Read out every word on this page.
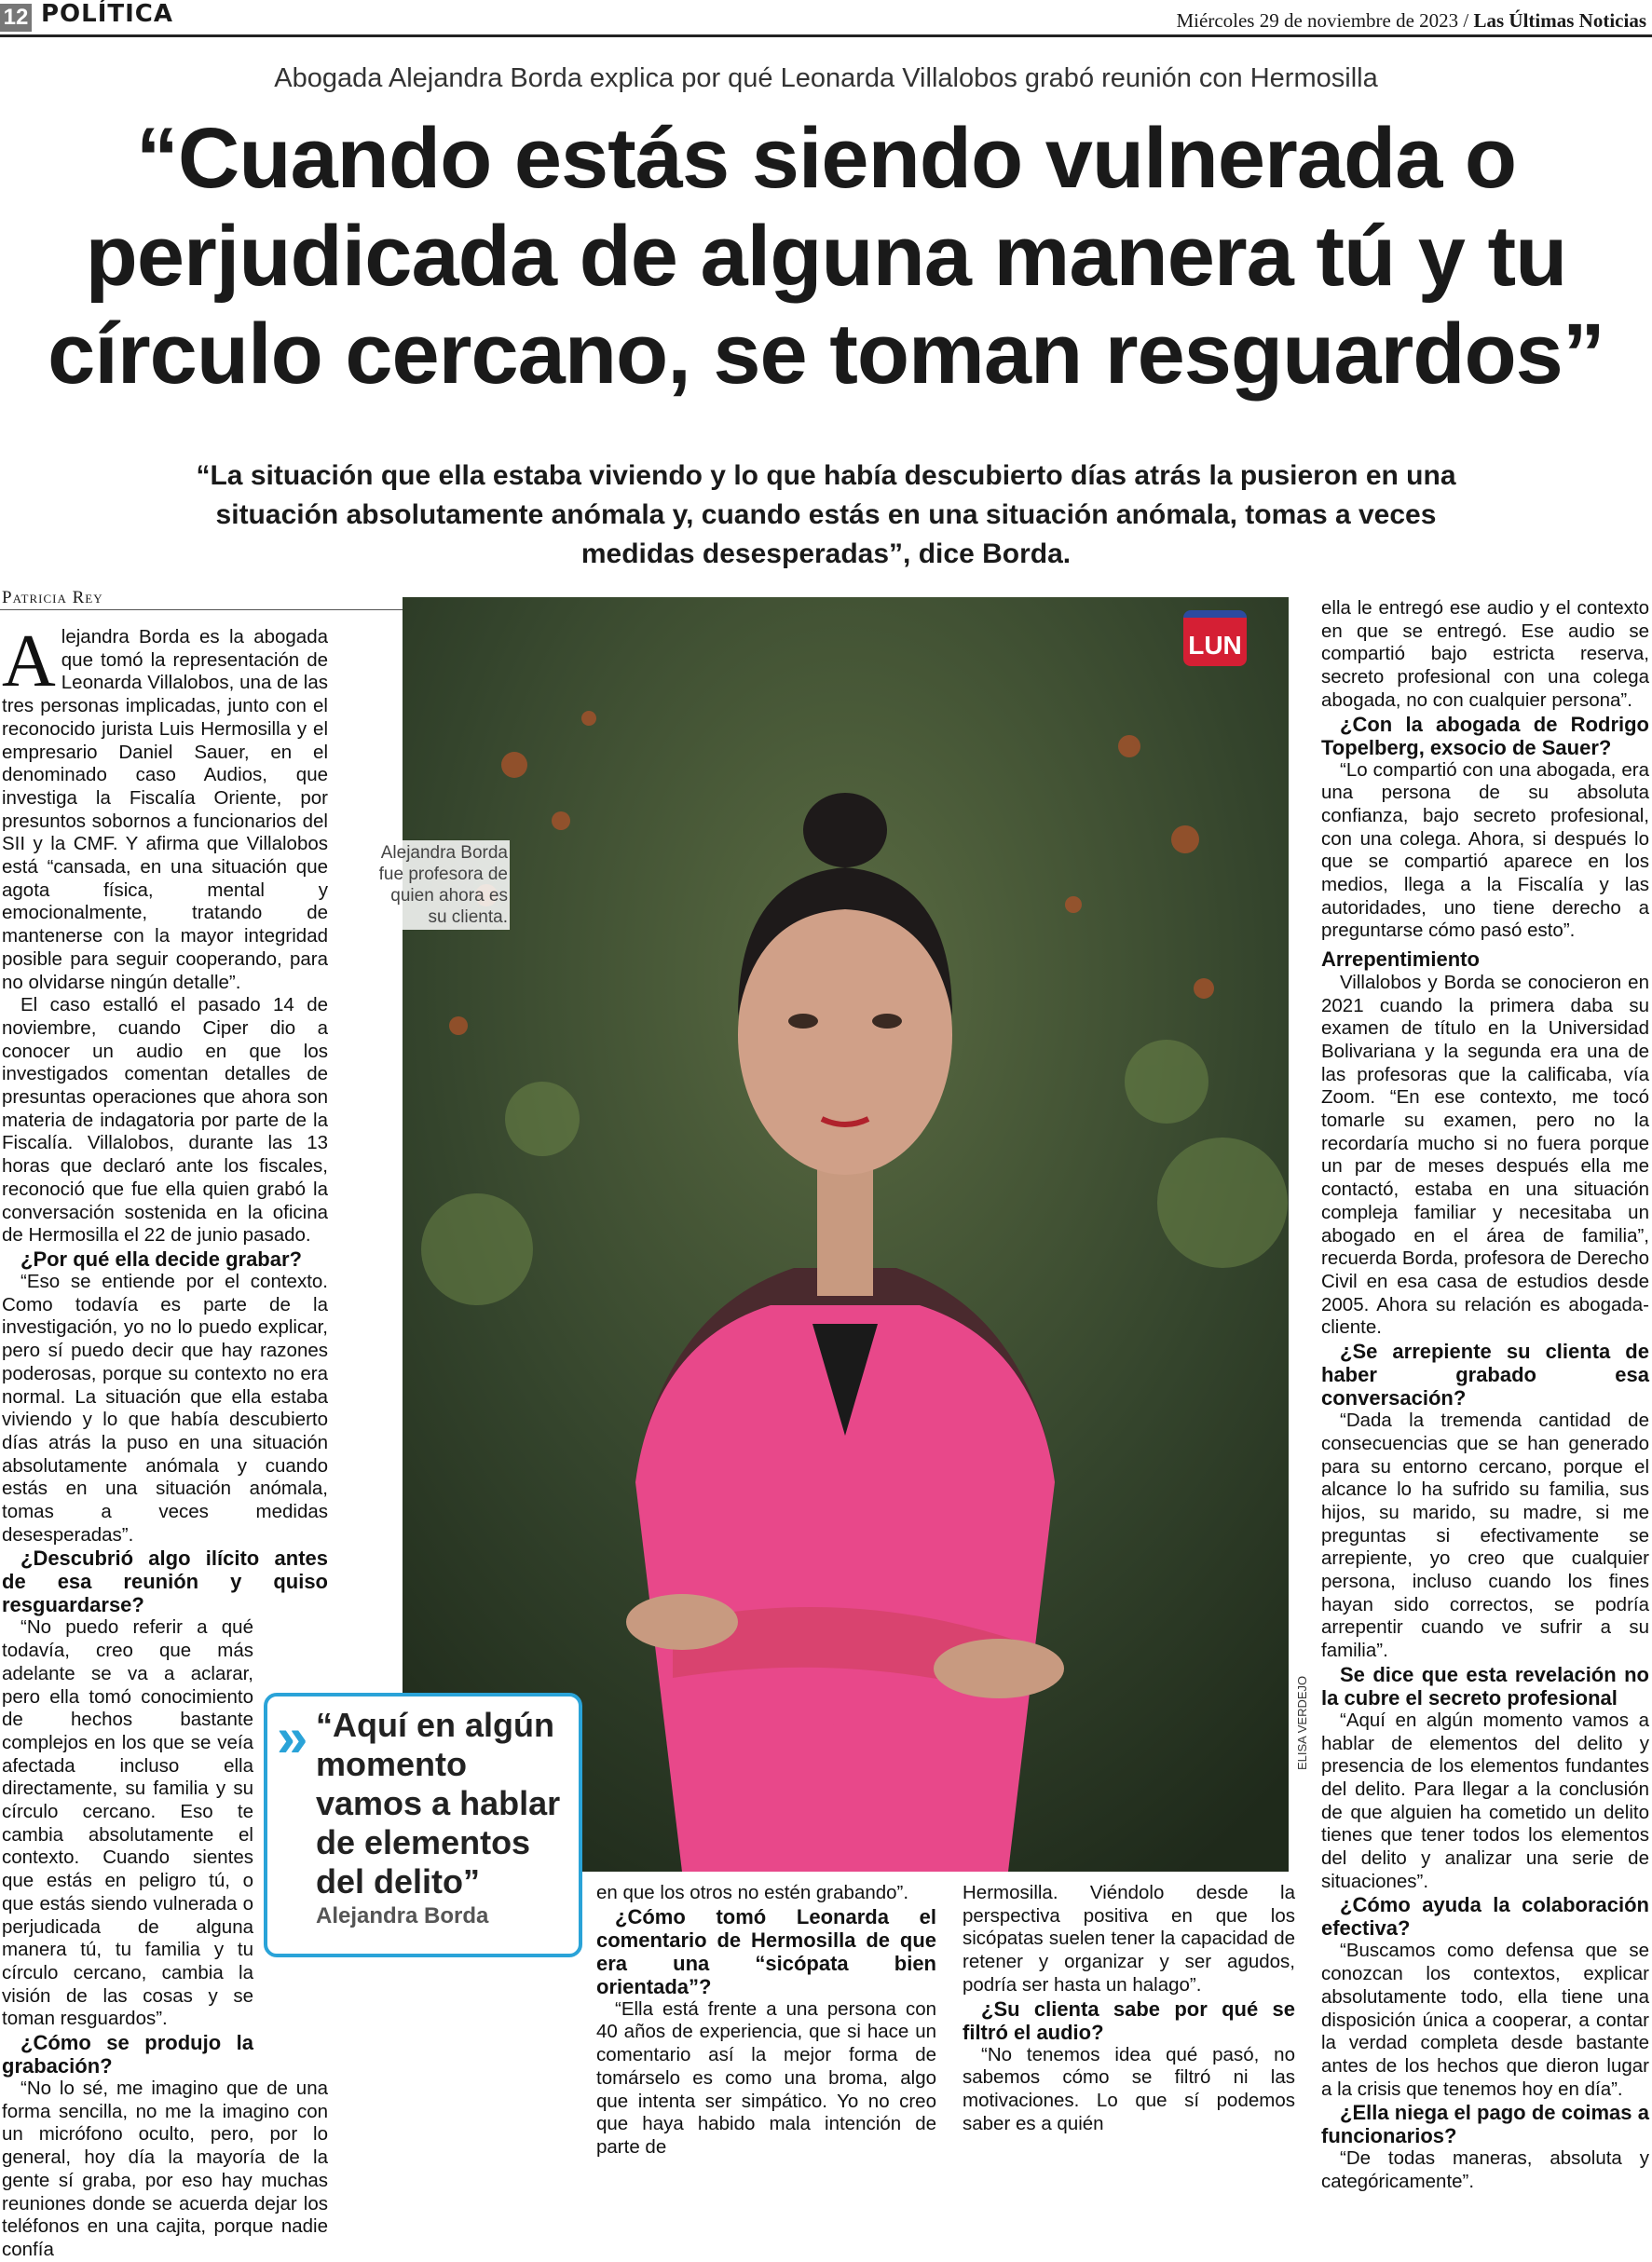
12 POLÍTICA	Miércoles 29 de noviembre de 2023 / Las Últimas Noticias
Abogada Alejandra Borda explica por qué Leonarda Villalobos grabó reunión con Hermosilla
“Cuando estás siendo vulnerada o perjudicada de alguna manera tú y tu círculo cercano, se toman resguardos”
“La situación que ella estaba viviendo y lo que había descubierto días atrás la pusieron en una situación absolutamente anómala y, cuando estás en una situación anómala, tomas a veces medidas desesperadas”, dice Borda.
Patricia Rey

Alejandra Borda es la abogada que tomó la representación de Leonarda Villalobos, una de las tres personas implicadas, junto con el reconocido jurista Luis Hermosilla y el empresario Daniel Sauer, en el denominado caso Audios, que investiga la Fiscalía Oriente, por presuntos sobornos a funcionarios del SII y la CMF. Y afirma que Villalobos está “cansada, en una situación que agota física, mental y emocionalmente, tratando de mantenerse con la mayor integridad posible para seguir cooperando, para no olvidarse ningún detalle”.

El caso estalló el pasado 14 de noviembre, cuando Ciper dio a conocer un audio en que los investigados comentan detalles de presuntas operaciones que ahora son materia de indagatoria por parte de la Fiscalía. Villalobos, durante las 13 horas que declaró ante los fiscales, reconoció que fue ella quien grabó la conversación sostenida en la oficina de Hermosilla el 22 de junio pasado.

¿Por qué ella decide grabar?

“Eso se entiende por el contexto. Como todavía es parte de la investigación, yo no lo puedo explicar, pero sí puedo decir que hay razones poderosas, porque su contexto no era normal. La situación que ella estaba viviendo y lo que había descubierto días atrás la puso en una situación absolutamente anómala y cuando estás en una situación anómala, tomas a veces medidas desesperadas”.

¿Descubrió algo ilícito antes de esa reunión y quiso resguardarse?

“No puedo referir a qué todavía, creo que más adelante se va a aclarar, pero ella tomó conocimiento de hechos bastante complejos en los que se veía afectada incluso ella directamente, su familia y su círculo cercano. Eso te cambia absolutamente el contexto. Cuando sientes que estás en peligro tú, o que estás siendo vulnerada o perjudicada de alguna manera tú, tu familia y tu círculo cercano, cambia la visión de las cosas y se toman resguardos”.

¿Cómo se produjo la grabación?

“No lo sé, me imagino que de una forma sencilla, no me la imagino con un micrófono oculto, pero, por lo general, hoy día la mayoría de la gente sí graba, por eso hay muchas reuniones donde se acuerda dejar los teléfonos en una cajita, porque nadie confía

LUN
Alejandra Borda fue profesora de quien ahora es su clienta.
ELISA VERDEJO
» “Aquí en algún momento vamos a hablar de elementos del delito”
Alejandra Borda

en que los otros no estén grabando”.

¿Cómo tomó Leonarda el comentario de Hermosilla de que era una “sicópata bien orientada”?

“Ella está frente a una persona con 40 años de experiencia, que si hace un comentario así la mejor forma de tomárselo es como una broma, algo que intenta ser simpático. Yo no creo que haya habido mala intención de parte de

Hermosilla. Viéndolo desde la perspectiva positiva en que los sicópatas suelen tener la capacidad de retener y organizar y ser agudos, podría ser hasta un halago”.

¿Su clienta sabe por qué se filtró el audio?

“No tenemos idea qué pasó, no sabemos cómo se filtró ni las motivaciones. Lo que sí podemos saber es a quién

ella le entregó ese audio y el contexto en que se entregó. Ese audio se compartió bajo estricta reserva, secreto profesional con una colega abogada, no con cualquier persona”.

¿Con la abogada de Rodrigo Topelberg, exsocio de Sauer?

“Lo compartió con una abogada, era una persona de su absoluta confianza, bajo secreto profesional, con una colega. Ahora, si después lo que se compartió aparece en los medios, llega a la Fiscalía y las autoridades, uno tiene derecho a preguntarse cómo pasó esto”.

Arrepentimiento

Villalobos y Borda se conocieron en 2021 cuando la primera daba su examen de título en la Universidad Bolivariana y la segunda era una de las profesoras que la calificaba, vía Zoom. “En ese contexto, me tocó tomarle su examen, pero no la recordaría mucho si no fuera porque un par de meses después ella me contactó, estaba en una situación compleja familiar y necesitaba un abogado en el área de familia”, recuerda Borda, profesora de Derecho Civil en esa casa de estudios desde 2005. Ahora su relación es abogada-cliente.

¿Se arrepiente su clienta de haber grabado esa conversación?

“Dada la tremenda cantidad de consecuencias que se han generado para su entorno cercano, porque el alcance lo ha sufrido su familia, sus hijos, su marido, su madre, si me preguntas si efectivamente se arrepiente, yo creo que cualquier persona, incluso cuando los fines hayan sido correctos, se podría arrepentir cuando ve sufrir a su familia”.

Se dice que esta revelación no la cubre el secreto profesional

“Aquí en algún momento vamos a hablar de elementos del delito y presencia de los elementos fundantes del delito. Para llegar a la conclusión de que alguien ha cometido un delito tienes que tener todos los elementos del delito y analizar una serie de situaciones”.

¿Cómo ayuda la colaboración efectiva?

“Buscamos como defensa que se conozcan los contextos, explicar absolutamente todo, ella tiene una disposición única a cooperar, a contar la verdad completa desde bastante antes de los hechos que dieron lugar a la crisis que tenemos hoy en día”.

¿Ella niega el pago de coimas a funcionarios?

“De todas maneras, absoluta y categóricamente”.
